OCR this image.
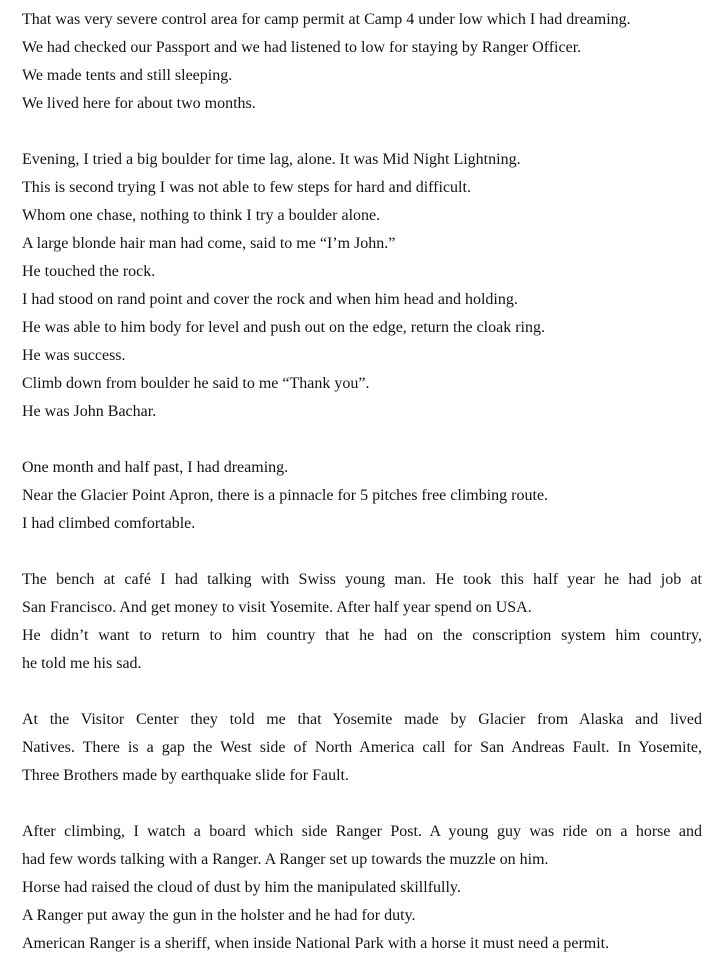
That was very severe control area for camp permit at Camp 4 under low which I had dreaming.
We had checked our Passport and we had listened to low for staying by Ranger Officer.
We made tents and still sleeping.
We lived here for about two months.
Evening, I tried a big boulder for time lag, alone. It was Mid Night Lightning.
This is second trying I was not able to few steps for hard and difficult.
Whom one chase, nothing to think I try a boulder alone.
A large blonde hair man had come, said to me “I’m John.”
He touched the rock.
I had stood on rand point and cover the rock and when him head and holding.
He was able to him body for level and push out on the edge, return the cloak ring.
He was success.
Climb down from boulder he said to me “Thank you”.
He was John Bachar.
One month and half past, I had dreaming.
Near the Glacier Point Apron, there is a pinnacle for 5 pitches free climbing route.
I had climbed comfortable.
The bench at café I had talking with Swiss young man. He took this half year he had job at
San Francisco. And get money to visit Yosemite. After half year spend on USA.
He didn’t want to return to him country that he had on the conscription system him country,
he told me his sad.
At the Visitor Center they told me that Yosemite made by Glacier from Alaska and lived
Natives. There is a gap the West side of North America call for San Andreas Fault. In Yosemite,
Three Brothers made by earthquake slide for Fault.
After climbing, I watch a board which side Ranger Post. A young guy was ride on a horse and
had few words talking with a Ranger. A Ranger set up towards the muzzle on him.
Horse had raised the cloud of dust by him the manipulated skillfully.
A Ranger put away the gun in the holster and he had for duty.
American Ranger is a sheriff, when inside National Park with a horse it must need a permit.
